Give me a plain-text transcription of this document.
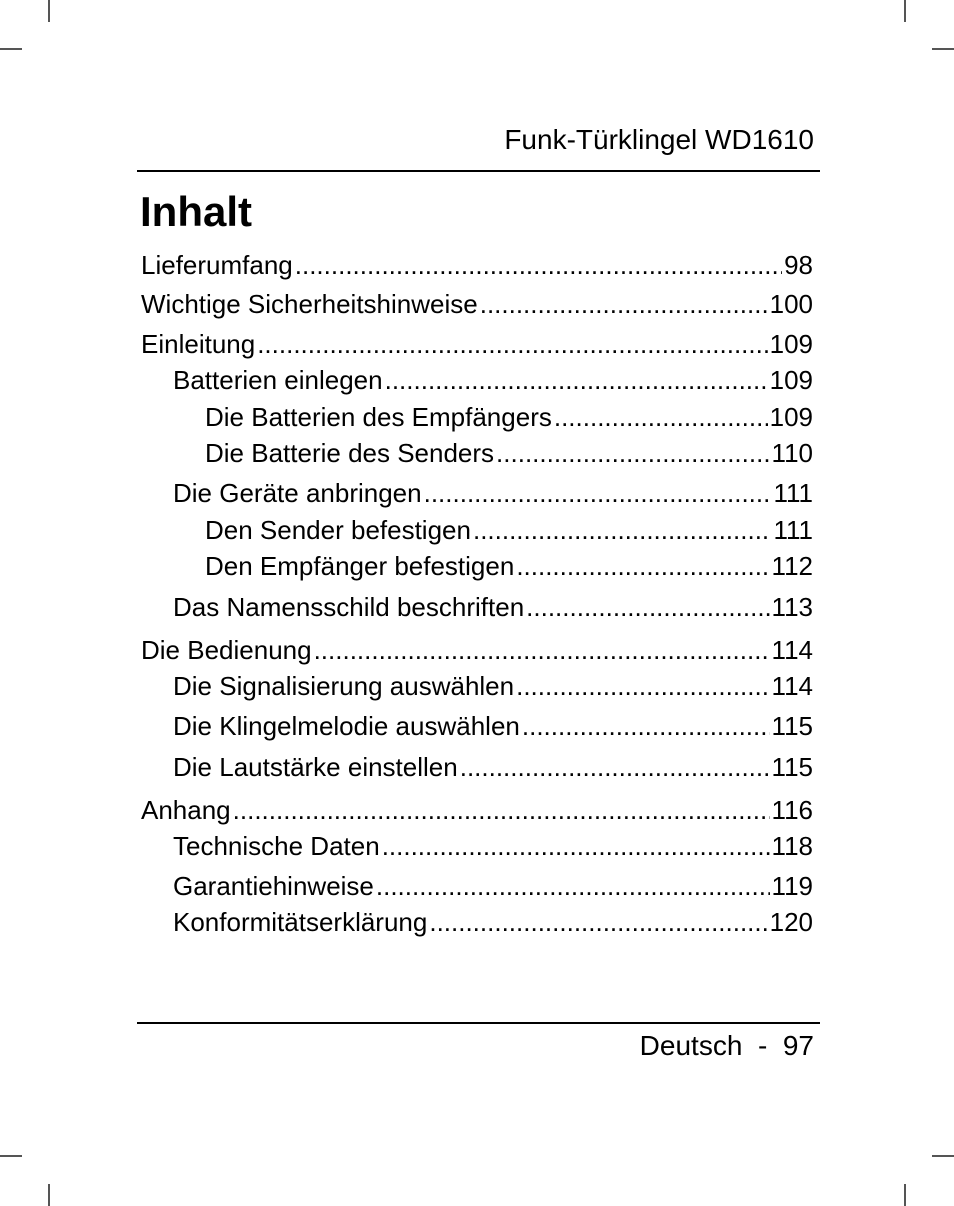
Funk-Türklingel WD1610
Inhalt
Lieferumfang .....	98
Wichtige Sicherheitshinweise .....	100
Einleitung .....	109
Batterien einlegen .....	109
Die Batterien des Empfängers .....	109
Die Batterie des Senders .....	110
Die Geräte anbringen .....	111
Den Sender befestigen .....	111
Den Empfänger befestigen .....	112
Das Namensschild beschriften .....	113
Die Bedienung .....	114
Die Signalisierung auswählen .....	114
Die Klingelmelodie auswählen .....	115
Die Lautstärke einstellen .....	115
Anhang .....	116
Technische Daten .....	118
Garantiehinweise .....	119
Konformitätserklärung .....	120
Deutsch - 97
